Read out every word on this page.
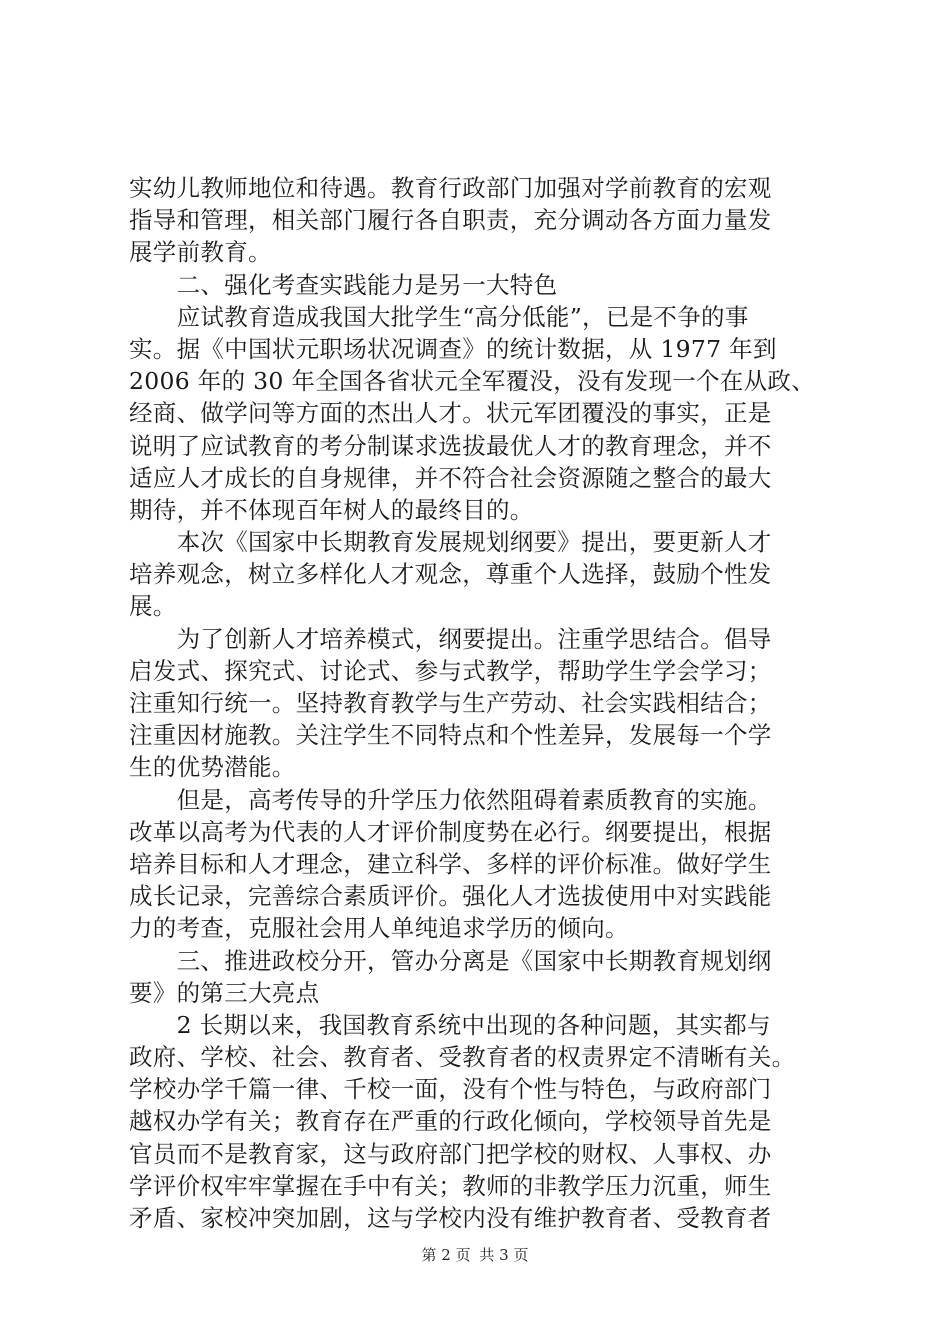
实幼儿教师地位和待遇。教育行政部门加强对学前教育的宏观
指导和管理，相关部门履行各自职责，充分调动各方面力量发
展学前教育。
　　二、强化考查实践能力是另一大特色
　　应试教育造成我国大批学生“高分低能”，已是不争的事
实。据《中国状元职场状况调查》的统计数据，从 1977 年到
2006 年的 30 年全国各省状元全军覆没，没有发现一个在从政、
经商、做学问等方面的杰出人才。状元军团覆没的事实，正是
说明了应试教育的考分制谋求选拔最优人才的教育理念，并不
适应人才成长的自身规律，并不符合社会资源随之整合的最大
期待，并不体现百年树人的最终目的。
　　本次《国家中长期教育发展规划纲要》提出，要更新人才
培养观念，树立多样化人才观念，尊重个人选择，鼓励个性发
展。
　　为了创新人才培养模式，纲要提出。注重学思结合。倡导
启发式、探究式、讨论式、参与式教学，帮助学生学会学习；
注重知行统一。坚持教育教学与生产劳动、社会实践相结合；
注重因材施教。关注学生不同特点和个性差异，发展每一个学
生的优势潜能。
　　但是，高考传导的升学压力依然阻碍着素质教育的实施。
改革以高考为代表的人才评价制度势在必行。纲要提出，根据
培养目标和人才理念，建立科学、多样的评价标准。做好学生
成长记录，完善综合素质评价。强化人才选拔使用中对实践能
力的考查，克服社会用人单纯追求学历的倾向。
　　三、推进政校分开，管办分离是《国家中长期教育规划纲
要》的第三大亮点
　　2 长期以来，我国教育系统中出现的各种问题，其实都与
政府、学校、社会、教育者、受教育者的权责界定不清晰有关。
学校办学千篇一律、千校一面，没有个性与特色，与政府部门
越权办学有关；教育存在严重的行政化倾向，学校领导首先是
官员而不是教育家，这与政府部门把学校的财权、人事权、办
学评价权牢牢掌握在手中有关；教师的非教学压力沉重，师生
矛盾、家校冲突加剧，这与学校内没有维护教育者、受教育者
第 2 页 共 3 页
